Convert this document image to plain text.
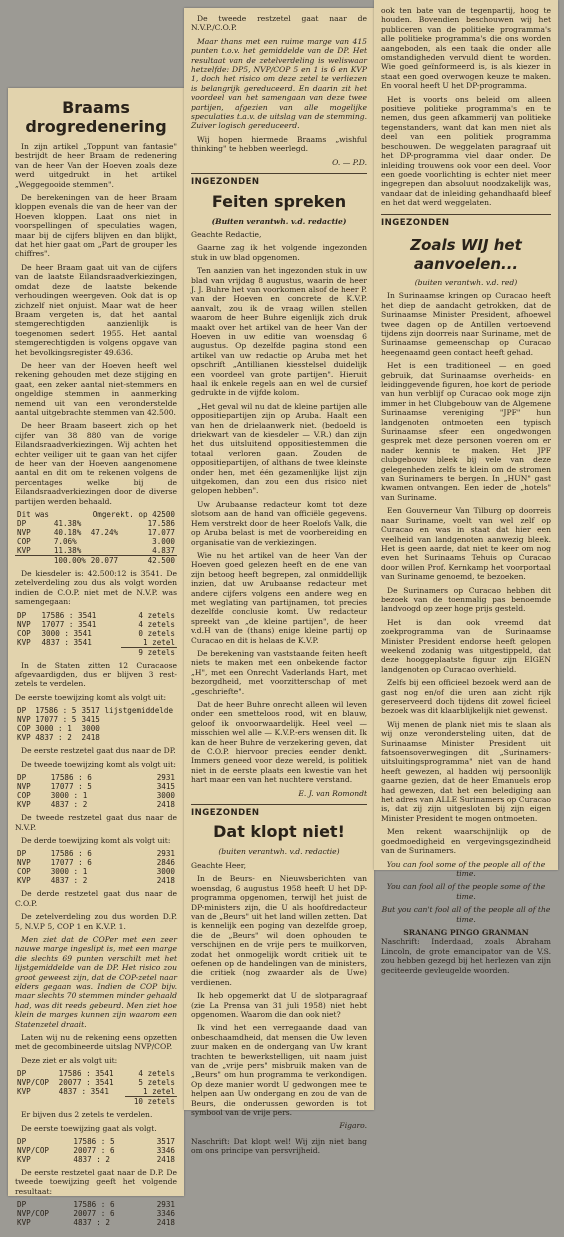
Braams
drogredenering

In zijn artikel „Toppunt van fantasie" bestrijdt de heer Braam de redenering van de heer Van der Hoeven zoals deze werd uitgedrukt in het artikel „Weggegooide stemmen".

De berekeningen van de heer Braam kloppen evenals die van de heer van der Hoeven kloppen. Laat ons niet in voorspellingen of speculaties wagen, maar bij de cijfers blijven en dan blijkt, dat het hier gaat om „Part de grouper les chiffres".

De heer Braam gaat uit van de cijfers van de laatste Eilandsraadverkiezingen, omdat deze de laatste bekende verhoudingen weergeven. Ook dat is op zichzelf niet onjuist. Maar wat de heer Braam vergeten is, dat het aantal stemgerechtigden aanzienlijk is toegenomen sedert 1955. Het aantal stemgerechtigden is volgens opgave van het bevolkingsregister 49.636.

De heer van der Hoeven heeft wel rekening gehouden met deze stijging en gaat, een zeker aantal niet-stemmers en ongeldige stemmen in aanmerking nemend uit van een veronderstelde aantal uitgebrachte stemmen van 42.500.

De heer Braam baseert zich op het cijfer van 38 880 van de vorige Eilandsraadverkiezingen. Wij achten het echter veiliger uit te gaan van het cijfer de heer van der Hoeven aangenomene aantal en dit om te rekenen volgens de percentages welke bij de Eilandsraadverkiezingen door de diverse partijen werden behaald.

Dit was		Omgerekt. op 42500	
DP	41.38%		17.586
NVP	40.18%	47.24%	17.077
COP	7.06%		3.000
KVP	11.38%		4.837
	100.00%	20.077	42.500

De kiesdeler is: 42.500:12 is 3541. De zetelverdeling zou dus als volgt worden indien de C.O.P. niet met de N.V.P. was samengegaan:

DP	17586 : 3541	4 zetels
NVP	17077 : 3541	4 zetels
COP	3000 : 3541	0 zetels
KVP	4837 : 3541	1 zetel
		9 zetels

In de Staten zitten 12 Curacaose afgevaardigden, dus er blijven 3 rest-zetels te verdelen.

De eerste toewijzing komt als volgt uit:

DP	17586 : 5	3517	lijstgemiddelde
NVP	17077 : 5	3415	
COP	3000 : 1	3000	
KVP	4837 : 2	2418	

De eerste restzetel gaat dus naar de DP.

De tweede toewijzing komt als volgt uit:

DP	17586 : 6	2931
NVP	17077 : 5	3415
COP	3000 : 1	3000
KVP	4837 : 2	2418

De tweede restzetel gaat dus naar de N.V.P.

De derde toewijzing komt als volgt uit:

DP	17586 : 6	2931
NVP	17077 : 6	2846
COP	3000 : 1	3000
KVP	4837 : 2	2418

De derde restzetel gaat dus naar de C.O.P.

De zetelverdeling zou dus worden D.P. 5, N.V.P 5, COP 1 en K.V.P. 1.

Men ziet dat de COPer met een zeer nauwe marge ingeslipt is, met een marge die slechts 69 punten verschilt met het lijstgemiddelde van de DP. Het risico zou groot geweest zijn, dat de COP-zetel naar elders gegaan was. Indien de COP bijv. maar slechts 70 stemmen minder gehaald had, was dit reeds gebeurd. Men ziet hoe klein de marges kunnen zijn waarom een Statenzetel draait.

Laten wij nu de rekening eens opzetten met de gecombineerde uitslag NVP/COP.

Deze ziet er als volgt uit:

DP	17586 : 3541	4 zetels
NVP/COP	20077 : 3541	5 zetels
KVP	4837 : 3541	1 zetel
		10 zetels

Er bijven dus 2 zetels te verdelen.

De eerste toewijzing gaat als volgt.

DP	17586 : 5	3517
NVP/COP	20077 : 6	3346
KVP	4837 : 2	2418

De eerste restzetel gaat naar de D.P. De tweede toewijzing geeft het volgende resultaat:

DP	17586 : 6	2931
NVP/COP	20077 : 6	3346
KVP	4837 : 2	2418

De tweede restzetel gaat naar de N.V.P./C.O.P.

Maar thans met een ruime marge van 415 punten t.o.v. het gemiddelde van de DP. Het resultaat van de zetelverdeling is weliswaar hetzelfde: DP5, NVP/COP 5 en 1 is 6 en KVP 1, doch het risico om deze zetel te verliezen is belangrijk gereduceerd. En daarin zit het voordeel van het samengaan van deze twee partijen, afgezien van alle mogelijke speculaties t.a.v. de uitslag van de stemming. Zuiver logisch gereduceerd.

Wij hopen hiermede Braams „wishful thinking" te hebben weerlegd.

O. — P.D.
INGEZONDEN
Feiten spreken
(Buiten verantwh. v.d. redactie)

Geachte Redactie,

Gaarne zag ik het volgende ingezonden stuk in uw blad opgenomen.

Ten aanzien van het ingezonden stuk in uw blad van vrijdag 8 augustus, waarin de heer J. J. Buhre het van voorkomen alsof de heer P. van der Hoeven en concrete de K.V.P. aanvalt, zou ik de vraag willen stellen waarom de heer Buhre eigenlijk zich druk maakt over het artikel van de heer Van der Hoeven in uw editie van woensdag 6 augustus. Op dezelfde pagina stond een artikel van uw redactie op Aruba met het opschrift „Antillianen kiesstelsel duidelijk een voordeel van grote partijen". Hieruit haal ik enkele regels aan en wel de cursief gedrukte in de vijfde kolom.

„Het geval wil nu dat de kleine partijen alle oppositiepartijen zijn op Aruba. Haalt een van hen de drielaanwerk niet. (bedoeld is driekwart van de kiesdeler — V.R.) dan zijn het dus uitsluitend oppositiestemmen die totaal verloren gaan. Zouden de oppositiepartijen, of althans de twee kleinste onder hen, met één gezamenlijke lijst zijn uitgekomen, dan zou een dus risico niet gelopen hebben".

Uw Arubaanse redacteur komt tot deze slotsom aan de hand van officiële gegevens. Hem verstrekt door de heer Roelofs Valk, die op Aruba belast is met de voorbereiding en organisatie van de verkiezingen.

Wie nu het artikel van de heer Van der Hoeven goed gelezen heeft en de ene van zijn betoog heeft begrepen, zal onmiddellijk inzien, dat uw Arubaanse redacteur met andere cijfers volgens een andere weg en met weglating van partijnamen, tot precies dezelfde conclusie komt. Uw redacteur spreekt van „de kleine partijen", de heer v.d.H van de (thans) enige kleine partij op Curacao en dit is helaas de K.V.P.

De berekening van vaststaande feiten heeft niets te maken met een onbekende factor „H", met een Onrecht Vaderlands Hart, met bezorgdheid, met voorzitterschap of met „geschriefte".

Dat de heer Buhre onrecht alleen wil leven onder een smetteloos rood, wit en blauw, geloof ik onvoorwaardelijk. Heel veel — misschien wel alle — K.V.P.-ers wensen dit. Ik kan de heer Buhre de verzekering geven, dat de C.O.P. hiervoor precies eender denkt. Immers geneed voor deze wereld, is politiek niet in de eerste plaats een kwestie van het hart maar een van het nuchtere verstand.

E. J. van Romondt
INGEZONDEN
Dat klopt niet!
(buiten verantwh. v.d. redactie)

Geachte Heer,

In de Beurs- en Nieuwsberichten van woensdag, 6 augustus 1958 heeft U het DP-programma opgenomen, terwijl het juist de DP-ministers zijn, die U als hoofdredacteur van de „Beurs" uit het land willen zetten. Dat is kennelijk een poging van dezelfde groep, die de „Beurs" wil doen ophouden te verschijnen en de vrije pers te muilkorven, zodat het onmogelijk wordt critiek uit te oefenen op de handelingen van de ministers, die critiek (nog zwaarder als de Uwe) verdienen.

Ik heb opgemerkt dat U de slotparagraaf (zie La Prensa van 31 juli 1958) niet hebt opgenomen. Waarom die dan ook niet?

Ik vind het een verregaande daad van onbeschaamdheid, dat mensen die Uw leven zuur maken en de ondergang van Uw krant trachten te bewerkstelligen, uit naam juist van de „vrije pers" misbruik maken van de „Beurs" om hun programma te verkondigen. Op deze manier wordt U gedwongen mee te helpen aan Uw ondergang en zou de van de Beurs, die onderussen geworden is tot symbool van de vrije pers.

Figaro.

Naschrift: Dat klopt wel! Wij zijn niet bang om ons principe van persvrijheid.

ook ten bate van de tegenpartij, hoog te houden. Bovendien beschouwen wij het publiceren van de politieke programma's alle politieke programma's die ons worden aangeboden, als een taak die onder alle omstandigheden vervuld dient te worden. Wie goed geïnformeerd is, is als kiezer in staat een goed overwogen keuze te maken. En vooral heeft U het DP-programma.

Het is voorts ons beleid om alleen positieve politieke programma's en te nemen, dus geen afkammerij van politieke tegenstanders, want dat kan men niet als deel van een politiek programma beschouwen. De weggelaten paragraaf uit het DP-programma viel daar onder. De inleiding trouwens ook voor een deel. Voor een goede voorlichting is echter niet meer ingegrepen dan absoluut noodzakelijk was, vandaar dat de inleiding gehandhaafd bleef en het dat werd weggelaten.

INGEZONDEN
Zoals WIJ het
aanvoelen...
(buiten verantwh. v.d. red)

In Surinaamse kringen op Curacao heeft het diep de aandacht getrokken, dat de Surinaamse Minister President, afhoewel twee dagen op de Antillen vertoevend tijdens zijn doorreis naar Suriname, met de Surinaamse gemeenschap op Curacao heegenaamd geen contact heeft gehad.

Het is een traditioneel — en goed gebruik, dat Surinaamse overheids- en leidinggevende figuren, hoe kort de periode van hun verblijf op Curacao ook moge zijn immer in het Clubgebouw van de Algemene Surinaamse vereniging "JPF" hun landgenoten ontmoeten een typisch Surinaamse sfeer een ongedwongen gesprek met deze personen voeren om er nader kennis te maken. Het JPF clubgebouw bleek bij vele van deze gelegenheden zelfs te klein om de stromen van Surinamers te bergen. In „HUN" gast kwamen ontvangen. Een ieder de „hotels" van Suriname.

Een Gouverneur Van Tilburg op doorreis naar Suriname, voelt van wel zelf op Curacao en was in staat dat hier een veelheid van landgenoten aanwezig bleek. Het is geen aarde, dat niet te keer om nog even het Surinaams Tehuis op Curacao door willen Prof. Kernkamp het voorportaal van Suriname genoemd, te bezoeken.

De Surinamers op Curacao hebben dit bezoek van de toenmalig pas benoemde landvoogd op zeer hoge prijs gesteld.

Het is dan ook vreemd dat zoekprogramma van de Surinaamse Minister President endorse heeft gelopen weekend zodanig was uitgestippeld, dat deze hooggeplaatste figuur zijn EIGEN landgenoten op Curacao overhield.

Zelfs bij een officieel bezoek werd aan de gast nog en/of die uren aan zicht rijk gereserveerd doch tijdens dit zowel ficieel bezoek was dit klaarblijkelijk niet gewenst.

Wij menen de plank niet mis te slaan als wij onze verondersteling uiten, dat de Surinaamse Minister President uit fatsoensoverwegingen dit „Surinamers-uitsluitingsprogramma" niet van de hand heeft gewezen, al hadden wij persoonlijk gaarne gezien, dat de heer Emanuels erop had gewezen, dat het een belediging aan het adres van ALLE Surinamers op Curacao is, dat zij zijn uitgesloten bij zijn eigen Minister President te mogen ontmoeten.

Men rekent waarschijnlijk op de goedmoedigheid en vergevingsgezindheid van de Surinamers.

You can fool some of the people all of the time.

You can fool all of the people some of the time.

But you can't fool all of the people all of the time.

SRANANG PINGO GRANMAN

Naschrift: Inderdaad, zoals Abraham Lincoln, de grote emancipator van de V.S. zou hebben gezegd bij het herlezen van zijn geciteerde gevleugelde woorden.
